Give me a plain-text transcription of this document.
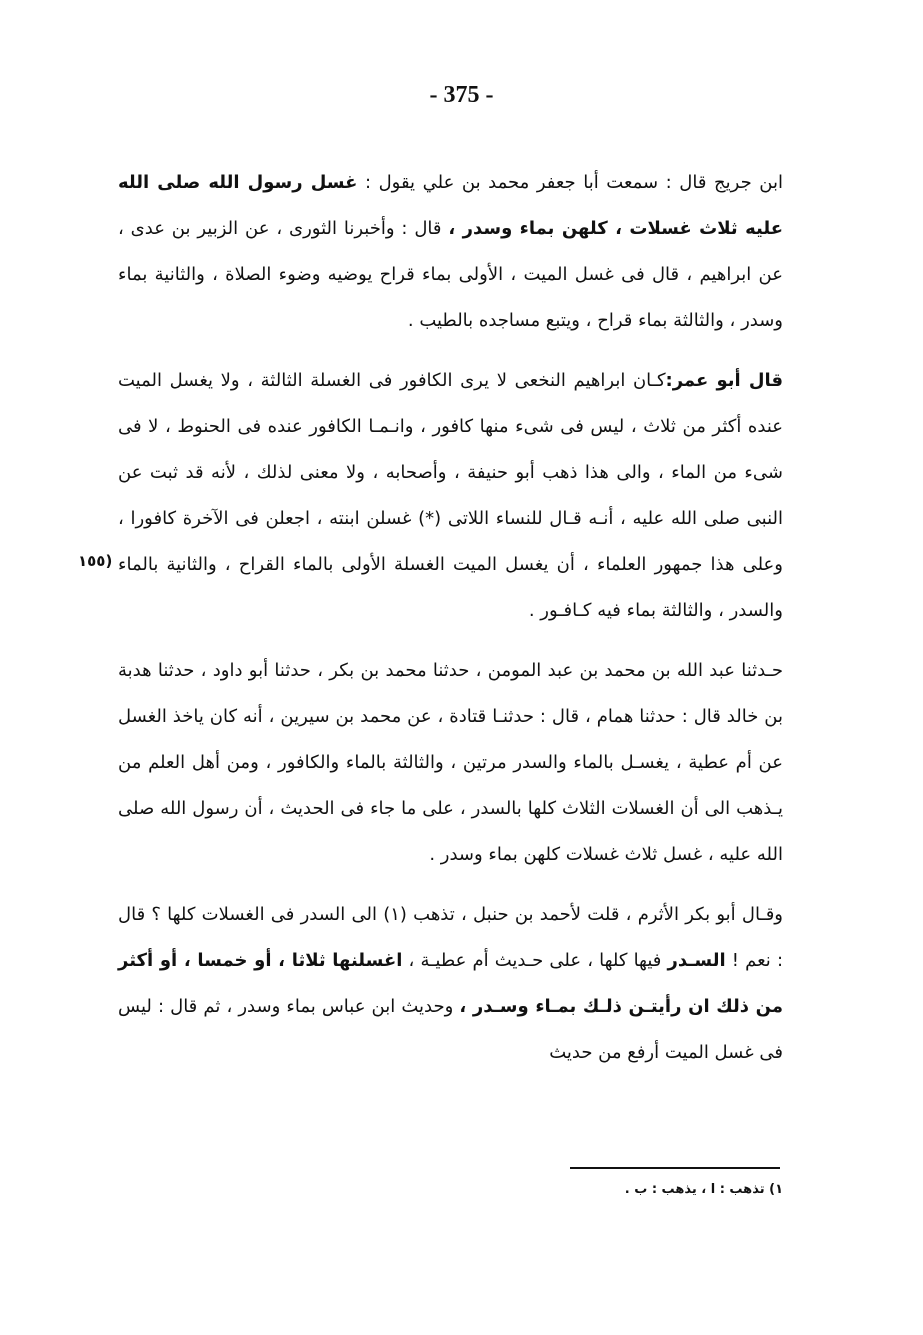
- 375 -
(١٥٥

ابن جريج قال : سمعت أبا جعفر محمد بن علي يقول : غسل رسول الله صلى الله عليه ثلاث غسلات ، كلهن بماء وسدر ، قال : وأخبرنا الثورى ، عن الزبير بن عدى ، عن ابراهيم ، قال فى غسل الميت ، الأولى بماء قراح يوضيه وضوء الصلاة ، والثانية بماء وسدر ، والثالثة بماء قراح ، ويتبع مساجده بالطيب .

قال أبو عمر:كـان ابراهيم النخعى لا يرى الكافور فى الغسلة الثالثة ، ولا يغسل الميت عنده أكثر من ثلاث ، ليس فى شىء منها كافور ، وانـمـا الكافور عنده فى الحنوط ، لا فى شىء من الماء ، والى هذا ذهب أبو حنيفة ، وأصحابه ، ولا معنى لذلك ، لأنه قد ثبت عن النبى صلى الله عليه ، أنـه قـال للنساء اللاتى (*) غسلن ابنته ، اجعلن فى الآخرة كافورا ، وعلى هذا جمهور العلماء ، أن يغسل الميت الغسلة الأولى بالماء القراح ، والثانية بالماء والسدر ، والثالثة بماء فيه كـافـور .

حـدثنا عبد الله بن محمد بن عبد المومن ، حدثنا محمد بن بكر ، حدثنا أبو داود ، حدثنا هدبة بن خالد قال : حدثنا همام ، قال : حدثنـا قتادة ، عن محمد بن سيرين ، أنه كان ياخذ الغسل عن أم عطية ، يغسـل بالماء والسدر مرتين ، والثالثة بالماء والكافور ، ومن أهل العلم من يـذهب الى أن الغسلات الثلاث كلها بالسدر ، على ما جاء فى الحديث ، أن رسول الله صلى الله عليه ، غسل ثلاث غسلات كلهن بماء وسدر .

وقـال أبو بكر الأثرم ، قلت لأحمد بن حنبل ، تذهب (١) الى السدر فى الغسلات كلها ؟ قال : نعم ! السـدر فيها كلها ، على حـديث أم عطيـة ، اغسلنها ثلاثا ، أو خمسا ، أو أكثر من ذلك ان رأيتـن ذلـك بمـاء وسـدر ، وحديث ابن عباس بماء وسدر ، ثم قال : ليس فى غسل الميت أرفع من حديث

١) تذهب : ا ، يذهب : ب .
